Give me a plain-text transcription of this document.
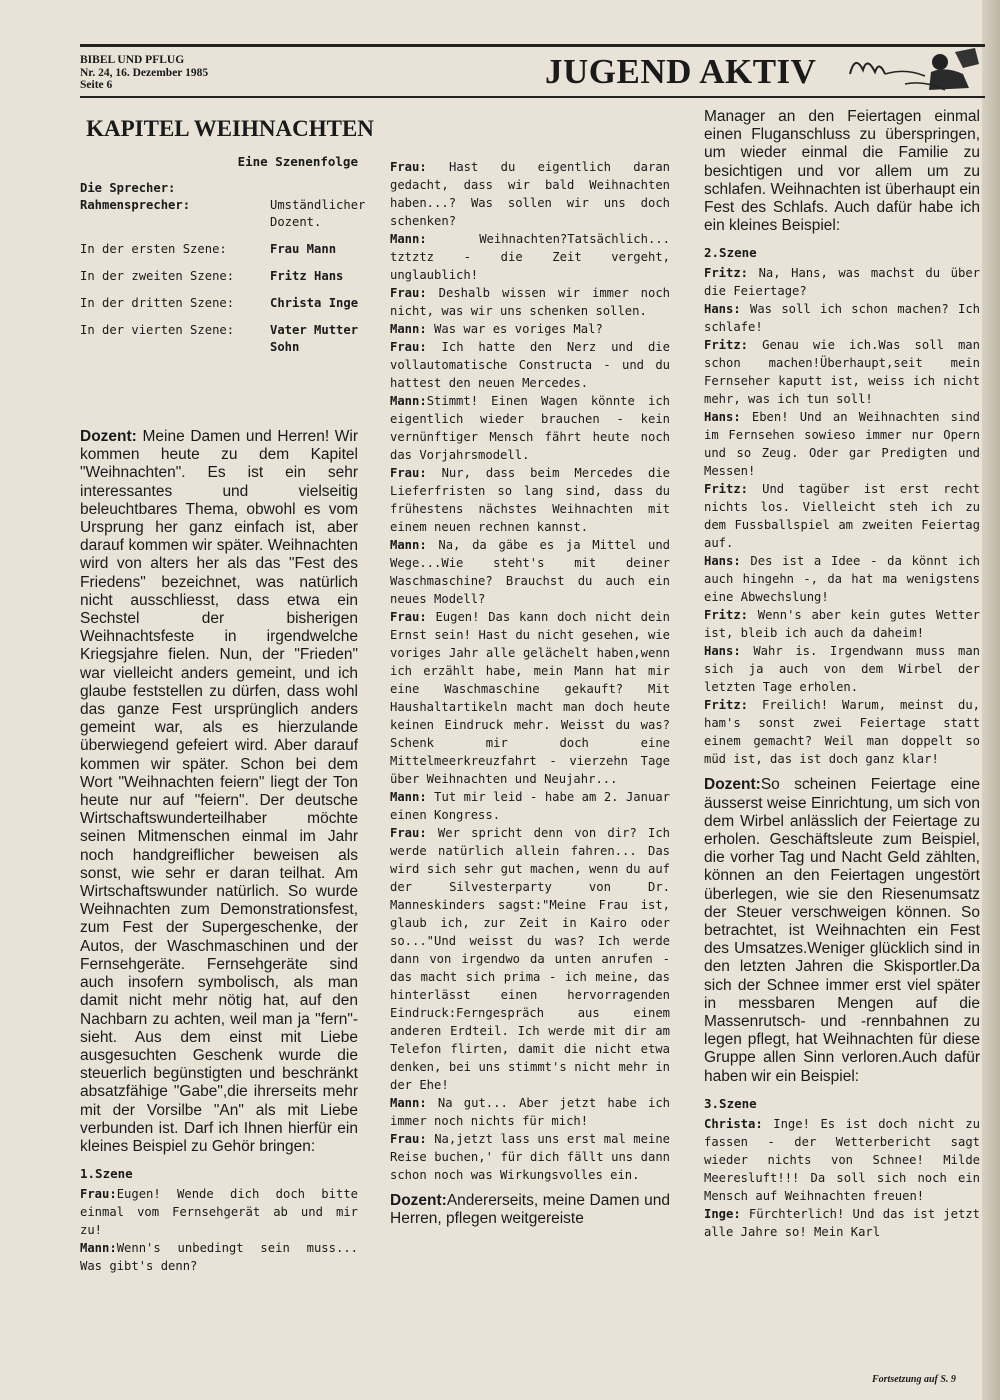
BIBEL UND PFLUG
Nr. 24, 16. Dezember 1985
Seite 6	JUGEND AKTIV
KAPITEL WEIHNACHTEN
Eine Szenenfolge
Die Sprecher:
Rahmensprecher:	Umständlicher Dozent.
In der ersten Szene:	Frau Mann
In der zweiten Szene:	Fritz Hans
In der dritten Szene:	Christa Inge
In der vierten Szene:	Vater Mutter Sohn

Dozent: Meine Damen und Herren! Wir kommen heute zu dem Kapitel "Weihnachten". Es ist ein sehr interessantes und vielseitig beleuchtbares Thema, obwohl es vom Ursprung her ganz einfach ist, aber darauf kommen wir später. Weihnachten wird von alters her als das "Fest des Friedens" bezeichnet, was natürlich nicht ausschliesst, dass etwa ein Sechstel der bisherigen Weihnachtsfeste in irgendwelche Kriegsjahre fielen. Nun, der "Frieden" war vielleicht anders gemeint, und ich glaube feststellen zu dürfen, dass wohl das ganze Fest ursprünglich anders gemeint war, als es hierzulande überwiegend gefeiert wird. Aber darauf kommen wir später. Schon bei dem Wort "Weihnachten feiern" liegt der Ton heute nur auf "feiern". Der deutsche Wirtschaftswunderteilhaber möchte seinen Mitmenschen einmal im Jahr noch handgreiflicher beweisen als sonst, wie sehr er daran teilhat. Am Wirtschaftswunder natürlich. So wurde Weihnachten zum Demonstrationsfest, zum Fest der Supergeschenke, der Autos, der Waschmaschinen und der Fernsehgeräte. Fernsehgeräte sind auch insofern symbolisch, als man damit nicht mehr nötig hat, auf den Nachbarn zu achten, weil man ja "fern"-sieht. Aus dem einst mit Liebe ausgesuchten Geschenk wurde die steuerlich begünstigten und beschränkt absatzfähige "Gabe",die ihrerseits mehr mit der Vorsilbe "An" als mit Liebe verbunden ist. Darf ich Ihnen hierfür ein kleines Beispiel zu Gehör bringen:

1.Szene

Frau:Eugen! Wende dich doch bitte einmal vom Fernsehgerät ab und mir zu!

Mann:Wenn's unbedingt sein muss... Was gibt's denn?

Frau: Hast du eigentlich daran gedacht, dass wir bald Weihnachten haben...? Was sollen wir uns doch schenken?

Mann: Weihnachten?Tatsächlich... tztztz - die Zeit vergeht, unglaublich!

Frau: Deshalb wissen wir immer noch nicht, was wir uns schenken sollen.

Mann: Was war es voriges Mal?

Frau: Ich hatte den Nerz und die vollautomatische Constructa - und du hattest den neuen Mercedes.

Mann:Stimmt! Einen Wagen könnte ich eigentlich wieder brauchen - kein vernünftiger Mensch fährt heute noch das Vorjahrsmodell.

Frau: Nur, dass beim Mercedes die Lieferfristen so lang sind, dass du frühestens nächstes Weihnachten mit einem neuen rechnen kannst.

Mann: Na, da gäbe es ja Mittel und Wege...Wie steht's mit deiner Waschmaschine? Brauchst du auch ein neues Modell?

Frau: Eugen! Das kann doch nicht dein Ernst sein! Hast du nicht gesehen, wie voriges Jahr alle gelächelt haben,wenn ich erzählt habe, mein Mann hat mir eine Waschmaschine gekauft? Mit Haushaltartikeln macht man doch heute keinen Eindruck mehr. Weisst du was? Schenk mir doch eine Mittelmeerkreuzfahrt - vierzehn Tage über Weihnachten und Neujahr...

Mann: Tut mir leid - habe am 2. Januar einen Kongress.

Frau: Wer spricht denn von dir? Ich werde natürlich allein fahren... Das wird sich sehr gut machen, wenn du auf der Silvesterparty von Dr. Manneskinders sagst:"Meine Frau ist, glaub ich, zur Zeit in Kairo oder so..."Und weisst du was? Ich werde dann von irgendwo da unten anrufen - das macht sich prima - ich meine, das hinterlässt einen hervorragenden Eindruck:Ferngespräch aus einem anderen Erdteil. Ich werde mit dir am Telefon flirten, damit die nicht etwa denken, bei uns stimmt's nicht mehr in der Ehe!

Mann: Na gut... Aber jetzt habe ich immer noch nichts für mich!

Frau: Na,jetzt lass uns erst mal meine Reise buchen,' für dich fällt uns dann schon noch was Wirkungsvolles ein.

Dozent:Andererseits, meine Damen und Herren, pflegen weitgereiste

Manager an den Feiertagen einmal einen Fluganschluss zu überspringen, um wieder einmal die Familie zu besichtigen und vor allem um zu schlafen. Weihnachten ist überhaupt ein Fest des Schlafs. Auch dafür habe ich ein kleines Beispiel:

2.Szene

Fritz: Na, Hans, was machst du über die Feiertage?

Hans: Was soll ich schon machen? Ich schlafe!

Fritz: Genau wie ich.Was soll man schon machen!Überhaupt,seit mein Fernseher kaputt ist, weiss ich nicht mehr, was ich tun soll!

Hans: Eben! Und an Weihnachten sind im Fernsehen sowieso immer nur Opern und so Zeug. Oder gar Predigten und Messen!

Fritz: Und tagüber ist erst recht nichts los. Vielleicht steh ich zu dem Fussballspiel am zweiten Feiertag auf.

Hans: Des ist a Idee - da könnt ich auch hingehn -, da hat ma wenigstens eine Abwechslung!

Fritz: Wenn's aber kein gutes Wetter ist, bleib ich auch da daheim!

Hans: Wahr is. Irgendwann muss man sich ja auch von dem Wirbel der letzten Tage erholen.

Fritz: Freilich! Warum, meinst du, ham's sonst zwei Feiertage statt einem gemacht? Weil man doppelt so müd ist, das ist doch ganz klar!

Dozent:So scheinen Feiertage eine äusserst weise Einrichtung, um sich von dem Wirbel anlässlich der Feiertage zu erholen. Geschäftsleute zum Beispiel, die vorher Tag und Nacht Geld zählten, können an den Feiertagen ungestört überlegen, wie sie den Riesenumsatz der Steuer verschweigen können. So betrachtet, ist Weihnachten ein Fest des Umsatzes.Weniger glücklich sind in den letzten Jahren die Skisportler.Da sich der Schnee immer erst viel später in messbaren Mengen auf die Massenrutsch- und -rennbahnen zu legen pflegt, hat Weihnachten für diese Gruppe allen Sinn verloren.Auch dafür haben wir ein Beispiel:

3.Szene

Christa: Inge! Es ist doch nicht zu fassen - der Wetterbericht sagt wieder nichts von Schnee! Milde Meeresluft!!! Da soll sich noch ein Mensch auf Weihnachten freuen!

Inge: Fürchterlich! Und das ist jetzt alle Jahre so! Mein Karl

Fortsetzung auf S. 9
